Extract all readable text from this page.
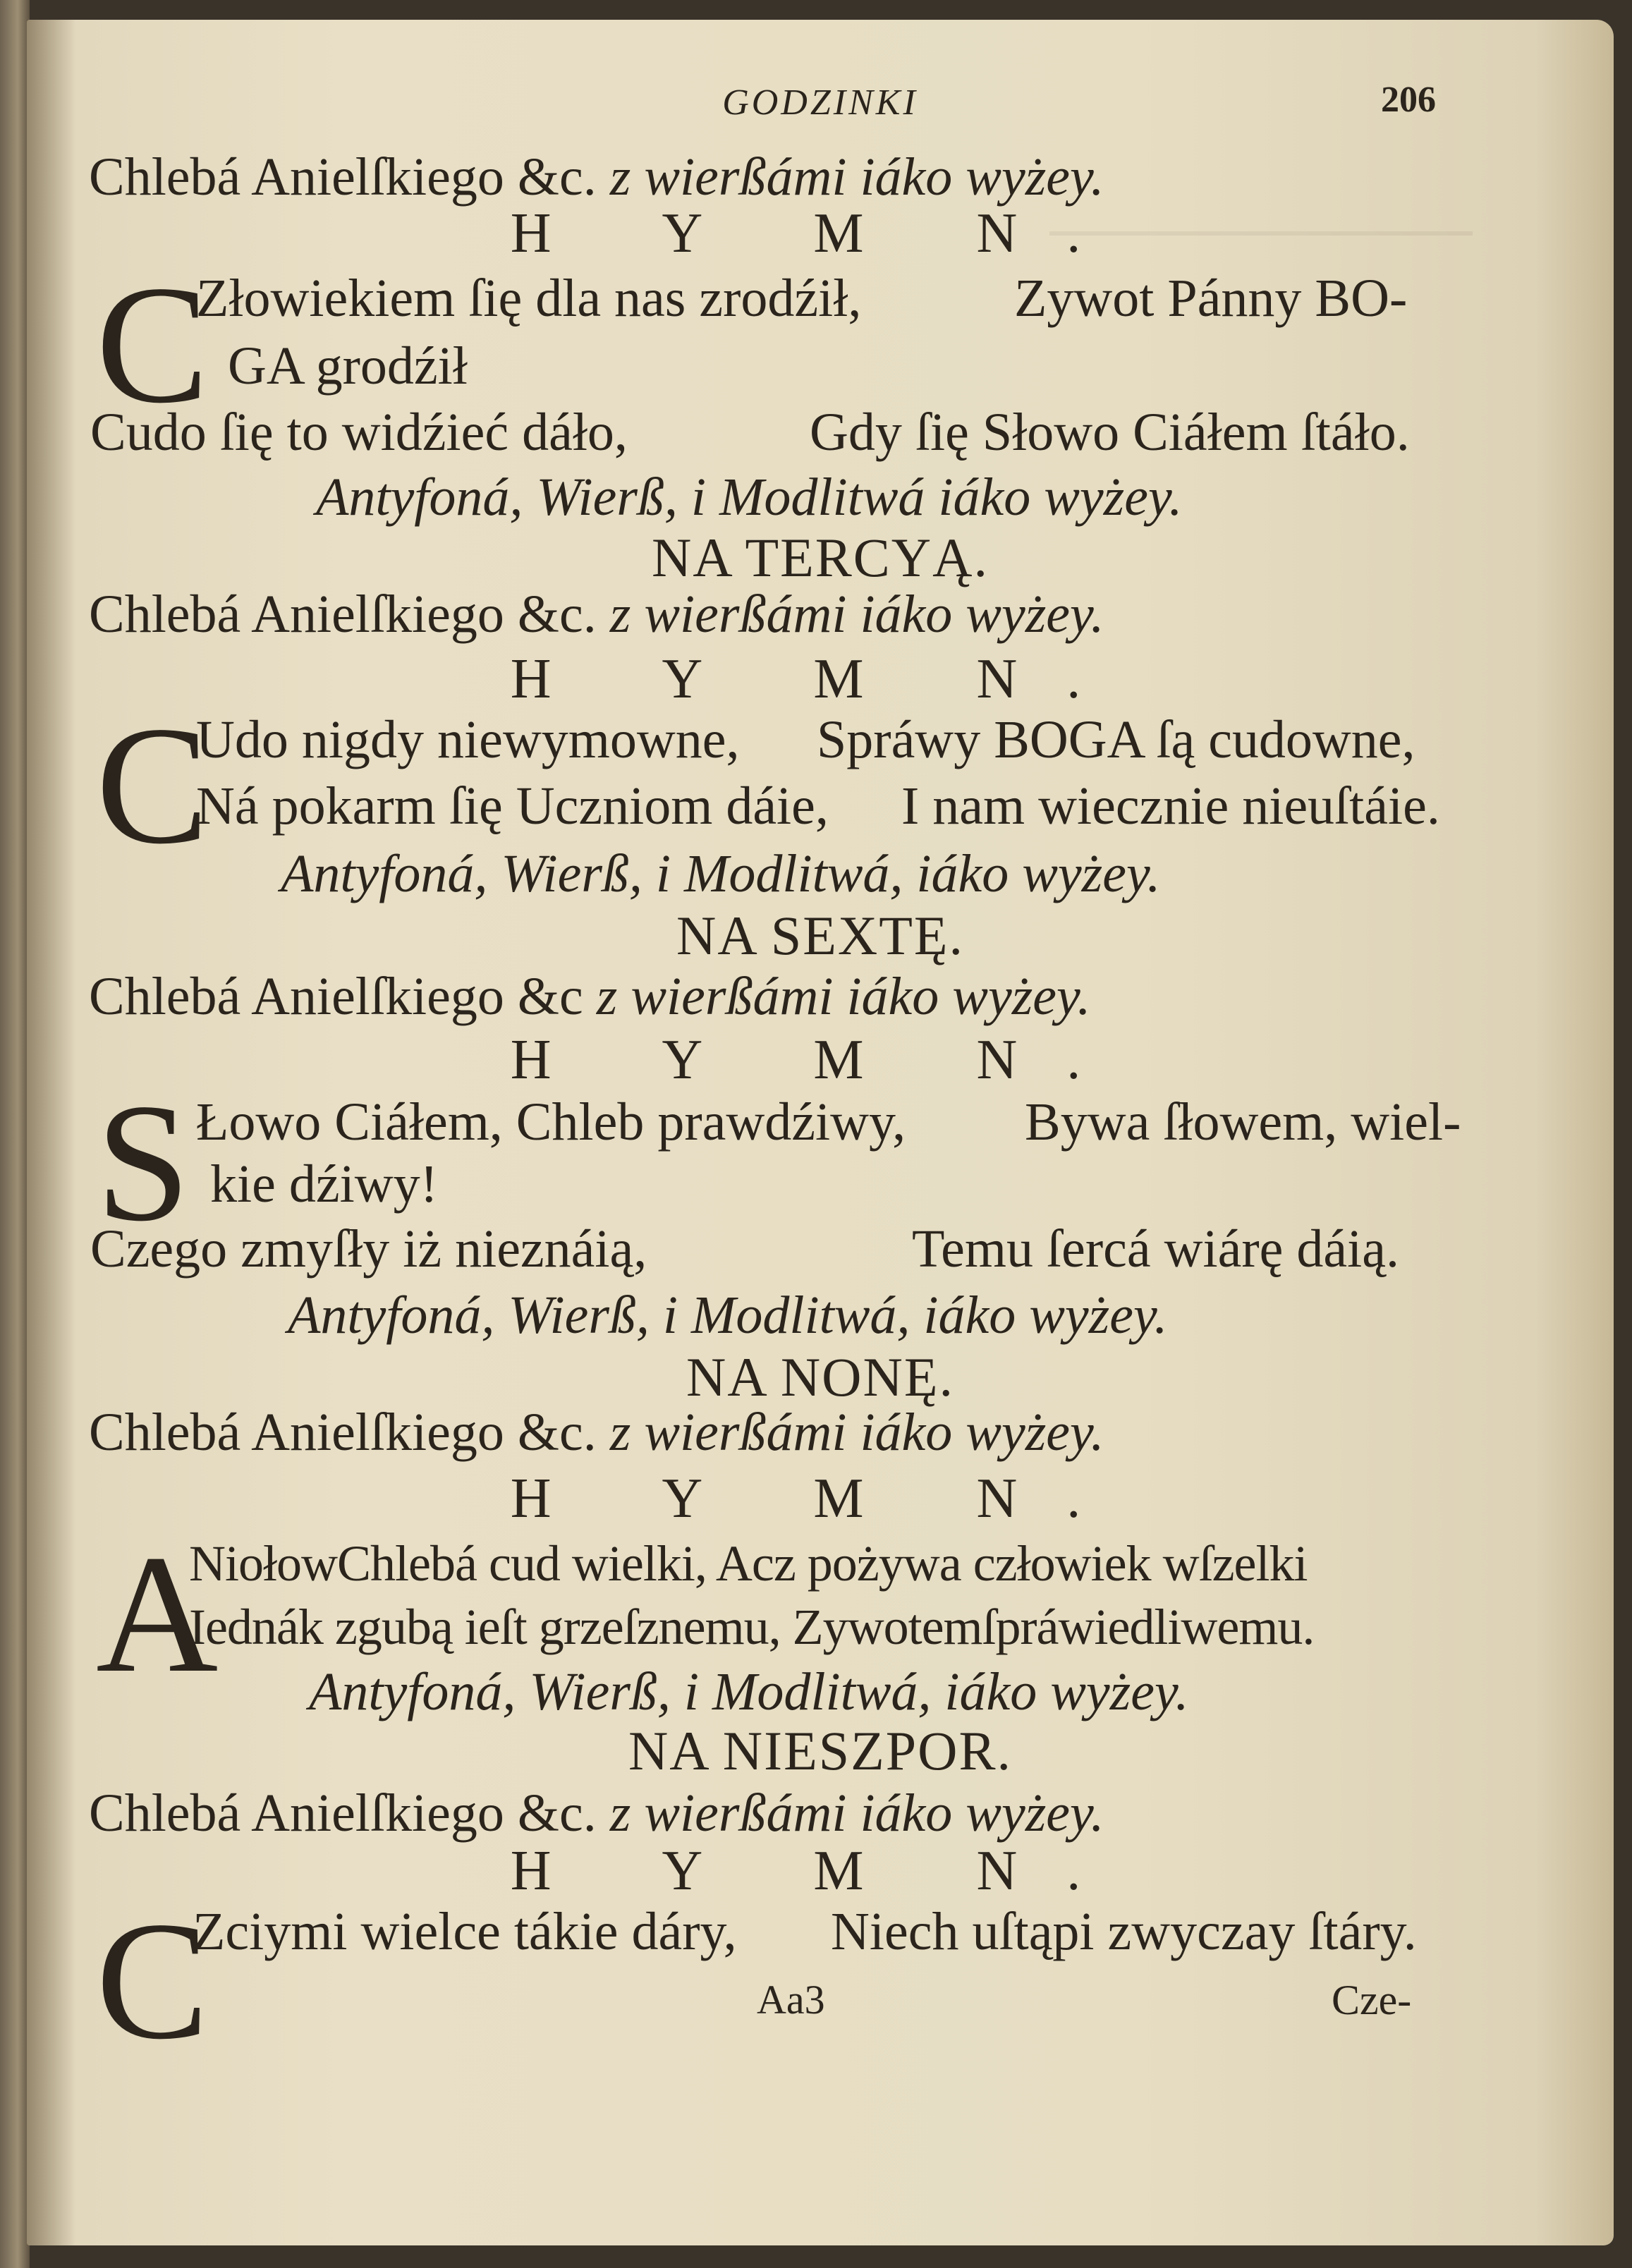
GODZINKI	206
Chlebá Anielſkiego &c. z wierßámi iáko wyżey.
H Y M N.
C
Złowiekiem ſię dla nas zrodźił,	Zywot Pánny BO-
GA grodźił
Cudo ſię to widźieć dáło,	Gdy ſię Słowo Ciáłem ſtáło.
Antyfoná, Wierß, i Modlitwá iáko wyżey.
NA TERCYĄ.
Chlebá Anielſkiego &c. z wierßámi iáko wyżey.
H Y M N.
C
Udo nigdy niewymowne, Spráwy BOGA ſą cudowne,
Ná pokarm ſię Uczniom dáie, I nam wiecznie nieuſtáie.
Antyfoná, Wierß, i Modlitwá, iáko wyżey.
NA SEXTĘ.
Chlebá Anielſkiego &c z wierßámi iáko wyżey.
H Y M N.
S Łowo Ciáłem, Chleb prawdźiwy, Bywa ſłowem, wiel-
kie dźiwy!
Czego zmyſły iż nieznáią,	Temu ſercá wiárę dáią.
Antyfoná, Wierß, i Modlitwá, iáko wyżey.
NA NONĘ.
Chlebá Anielſkiego &c. z wierßámi iáko wyżey.
H Y M N.
A
NiołowChlebá cud wielki, Acz pożywa człowiek wſzelki
Iednák zgubą ieſt grzeſznemu, Zywotemſpráwiedliwemu.
Antyfoná, Wierß, i Modlitwá, iáko wyżey.
NA NIESZPOR.
Chlebá Anielſkiego &c. z wierßámi iáko wyżey.
H Y M N.
C
Zciymi wielce tákie dáry, Niech uſtąpi zwyczay ſtáry.
Aa3	Cze-
